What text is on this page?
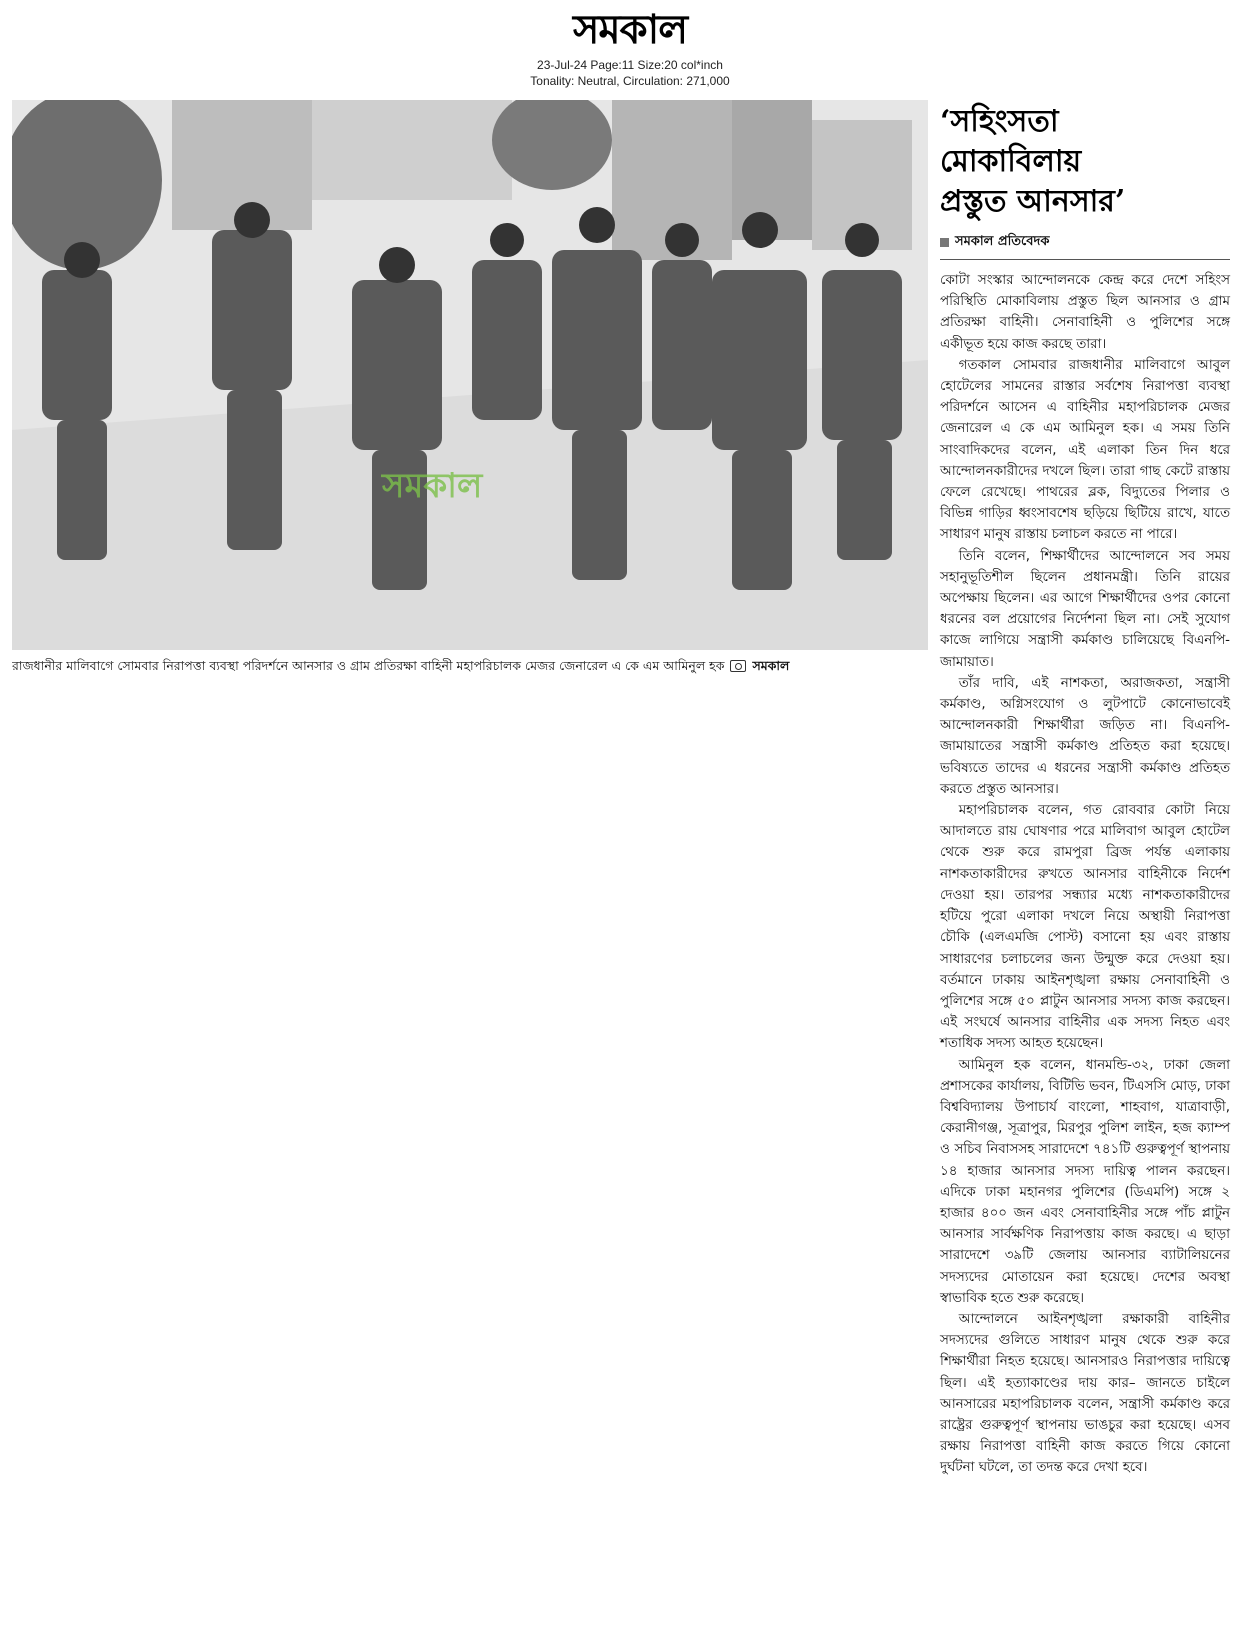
সমকাল
23-Jul-24 Page:11 Size:20 col*inch
Tonality: Neutral, Circulation: 271,000
সমকাল
রাজধানীর মালিবাগে সোমবার নিরাপত্তা ব্যবস্থা পরিদর্শনে আনসার ও গ্রাম প্রতিরক্ষা বাহিনী মহাপরিচালক মেজর জেনারেল এ কে এম আমিনুল হক সমকাল
‘সহিংসতা
মোকাবিলায়
প্রস্তুত আনসার’
সমকাল প্রতিবেদক

কোটা সংস্কার আন্দোলনকে কেন্দ্র করে দেশে সহিংস পরিস্থিতি মোকাবিলায় প্রস্তুত ছিল আনসার ও গ্রাম প্রতিরক্ষা বাহিনী। সেনাবাহিনী ও পুলিশের সঙ্গে একীভূত হয়ে কাজ করছে তারা।

গতকাল সোমবার রাজধানীর মালিবাগে আবুল হোটেলের সামনের রাস্তার সর্বশেষ নিরাপত্তা ব্যবস্থা পরিদর্শনে আসেন এ বাহিনীর মহাপরিচালক মেজর জেনারেল এ কে এম আমিনুল হক। এ সময় তিনি সাংবাদিকদের বলেন, এই এলাকা তিন দিন ধরে আন্দোলনকারীদের দখলে ছিল। তারা গাছ কেটে রাস্তায় ফেলে রেখেছে। পাথরের ব্লক, বিদ্যুতের পিলার ও বিভিন্ন গাড়ির ধ্বংসাবশেষ ছড়িয়ে ছিটিয়ে রাখে, যাতে সাধারণ মানুষ রাস্তায় চলাচল করতে না পারে।

তিনি বলেন, শিক্ষার্থীদের আন্দোলনে সব সময় সহানুভূতিশীল ছিলেন প্রধানমন্ত্রী। তিনি রায়ের অপেক্ষায় ছিলেন। এর আগে শিক্ষার্থীদের ওপর কোনো ধরনের বল প্রয়োগের নির্দেশনা ছিল না। সেই সুযোগ কাজে লাগিয়ে সন্ত্রাসী কর্মকাণ্ড চালিয়েছে বিএনপি-জামায়াত।

তাঁর দাবি, এই নাশকতা, অরাজকতা, সন্ত্রাসী কর্মকাণ্ড, অগ্নিসংযোগ ও লুটপাটে কোনোভাবেই আন্দোলনকারী শিক্ষার্থীরা জড়িত না। বিএনপি-জামায়াতের সন্ত্রাসী কর্মকাণ্ড প্রতিহত করা হয়েছে। ভবিষ্যতে তাদের এ ধরনের সন্ত্রাসী কর্মকাণ্ড প্রতিহত করতে প্রস্তুত আনসার।

মহাপরিচালক বলেন, গত রোববার কোটা নিয়ে আদালতে রায় ঘোষণার পরে মালিবাগ আবুল হোটেল থেকে শুরু করে রামপুরা ব্রিজ পর্যন্ত এলাকায় নাশকতাকারীদের রুখতে আনসার বাহিনীকে নির্দেশ দেওয়া হয়। তারপর সন্ধ্যার মধ্যে নাশকতাকারীদের হটিয়ে পুরো এলাকা দখলে নিয়ে অস্থায়ী নিরাপত্তা চৌকি (এলএমজি পোস্ট) বসানো হয় এবং রাস্তায় সাধারণের চলাচলের জন্য উন্মুক্ত করে দেওয়া হয়। বর্তমানে ঢাকায় আইনশৃঙ্খলা রক্ষায় সেনাবাহিনী ও পুলিশের সঙ্গে ৫০ প্লাটুন আনসার সদস্য কাজ করছেন। এই সংঘর্ষে আনসার বাহিনীর এক সদস্য নিহত এবং শতাধিক সদস্য আহত হয়েছেন।

আমিনুল হক বলেন, ধানমন্ডি-৩২, ঢাকা জেলা প্রশাসকের কার্যালয়, বিটিভি ভবন, টিএসসি মোড়, ঢাকা বিশ্ববিদ্যালয় উপাচার্য বাংলো, শাহবাগ, যাত্রাবাড়ী, কেরানীগঞ্জ, সূত্রাপুর, মিরপুর পুলিশ লাইন, হজ ক্যাম্প ও সচিব নিবাসসহ সারাদেশে ৭৪১টি গুরুত্বপূর্ণ স্থাপনায় ১৪ হাজার আনসার সদস্য দায়িত্ব পালন করছেন। এদিকে ঢাকা মহানগর পুলিশের (ডিএমপি) সঙ্গে ২ হাজার ৪০০ জন এবং সেনাবাহিনীর সঙ্গে পাঁচ প্লাটুন আনসার সার্বক্ষণিক নিরাপত্তায় কাজ করছে। এ ছাড়া সারাদেশে ৩৯টি জেলায় আনসার ব্যাটালিয়নের সদস্যদের মোতায়েন করা হয়েছে। দেশের অবস্থা স্বাভাবিক হতে শুরু করেছে।

আন্দোলনে আইনশৃঙ্খলা রক্ষাকারী বাহিনীর সদস্যদের গুলিতে সাধারণ মানুষ থেকে শুরু করে শিক্ষার্থীরা নিহত হয়েছে। আনসারও নিরাপত্তার দায়িত্বে ছিল। এই হত্যাকাণ্ডের দায় কার– জানতে চাইলে আনসারের মহাপরিচালক বলেন, সন্ত্রাসী কর্মকাণ্ড করে রাষ্ট্রের গুরুত্বপূর্ণ স্থাপনায় ভাঙচুর করা হয়েছে। এসব রক্ষায় নিরাপত্তা বাহিনী কাজ করতে গিয়ে কোনো দুর্ঘটনা ঘটলে, তা তদন্ত করে দেখা হবে।
